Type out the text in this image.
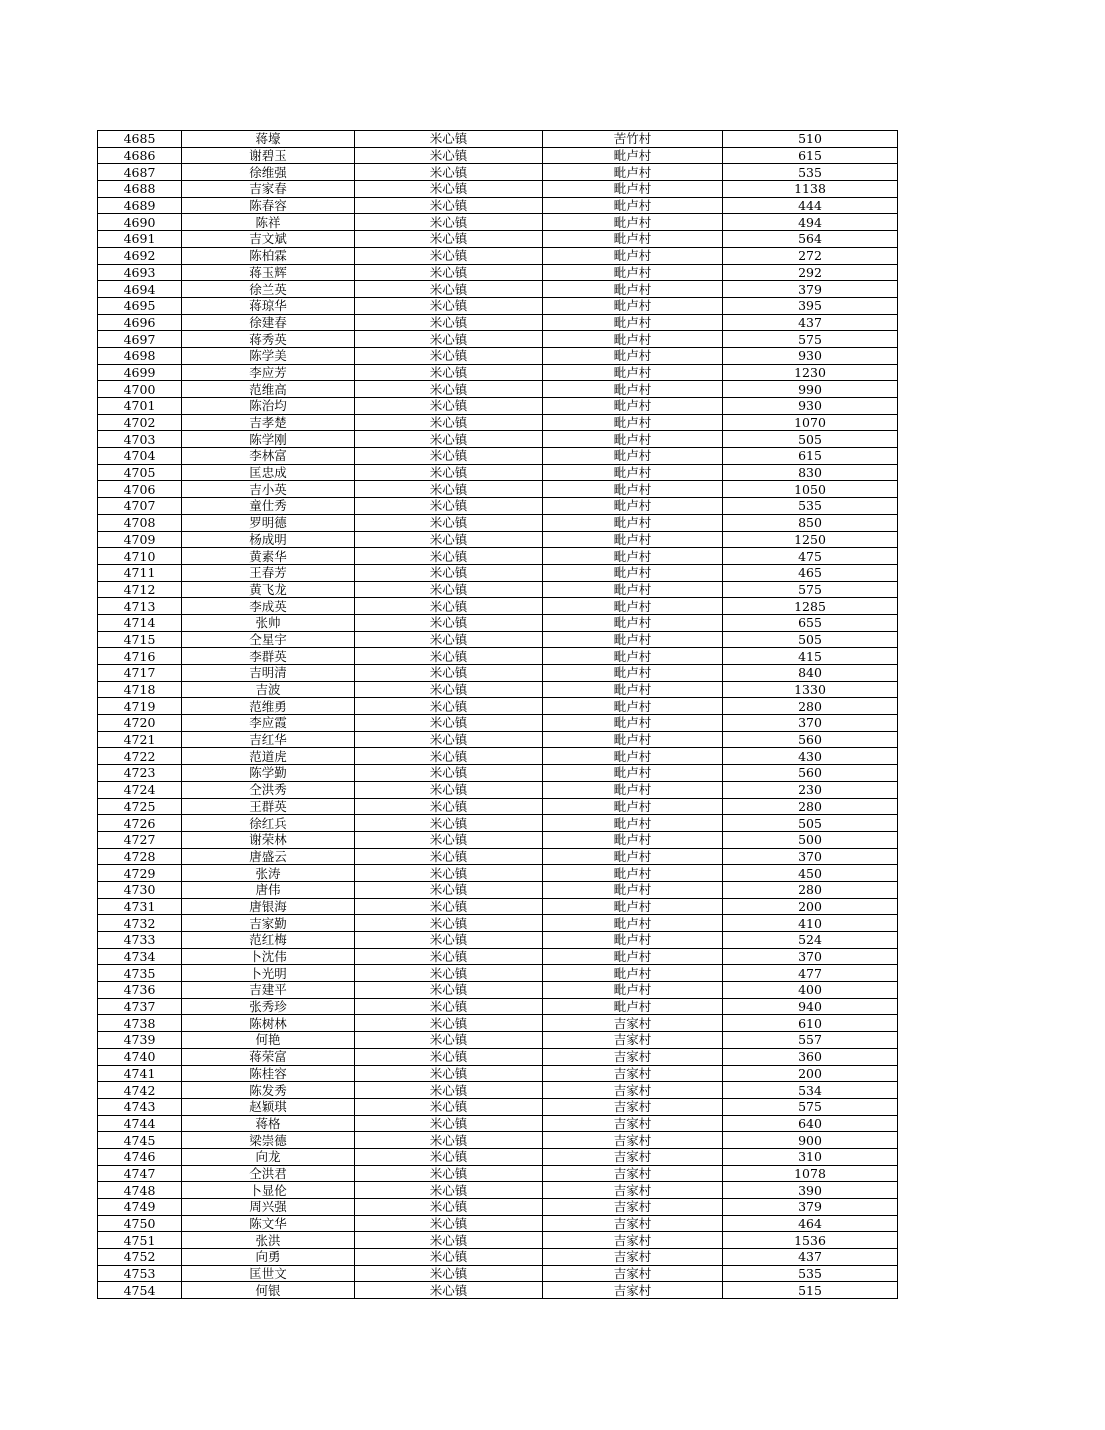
4685	蒋壕	米心镇	苦竹村	510
4686	谢碧玉	米心镇	毗卢村	615
4687	徐维强	米心镇	毗卢村	535
4688	吉家春	米心镇	毗卢村	1138
4689	陈春容	米心镇	毗卢村	444
4690	陈祥	米心镇	毗卢村	494
4691	吉文斌	米心镇	毗卢村	564
4692	陈柏霖	米心镇	毗卢村	272
4693	蒋玉辉	米心镇	毗卢村	292
4694	徐兰英	米心镇	毗卢村	379
4695	蒋琼华	米心镇	毗卢村	395
4696	徐建春	米心镇	毗卢村	437
4697	蒋秀英	米心镇	毗卢村	575
4698	陈学美	米心镇	毗卢村	930
4699	李应芳	米心镇	毗卢村	1230
4700	范维高	米心镇	毗卢村	990
4701	陈治均	米心镇	毗卢村	930
4702	吉孝楚	米心镇	毗卢村	1070
4703	陈学刚	米心镇	毗卢村	505
4704	李林富	米心镇	毗卢村	615
4705	匡忠成	米心镇	毗卢村	830
4706	吉小英	米心镇	毗卢村	1050
4707	童仕秀	米心镇	毗卢村	535
4708	罗明德	米心镇	毗卢村	850
4709	杨成明	米心镇	毗卢村	1250
4710	黄素华	米心镇	毗卢村	475
4711	王春芳	米心镇	毗卢村	465
4712	黄飞龙	米心镇	毗卢村	575
4713	李成英	米心镇	毗卢村	1285
4714	张帅	米心镇	毗卢村	655
4715	仝星宇	米心镇	毗卢村	505
4716	李群英	米心镇	毗卢村	415
4717	吉明清	米心镇	毗卢村	840
4718	吉波	米心镇	毗卢村	1330
4719	范维勇	米心镇	毗卢村	280
4720	李应霞	米心镇	毗卢村	370
4721	吉红华	米心镇	毗卢村	560
4722	范道虎	米心镇	毗卢村	430
4723	陈学勤	米心镇	毗卢村	560
4724	仝洪秀	米心镇	毗卢村	230
4725	王群英	米心镇	毗卢村	280
4726	徐红兵	米心镇	毗卢村	505
4727	谢荣林	米心镇	毗卢村	500
4728	唐盛云	米心镇	毗卢村	370
4729	张涛	米心镇	毗卢村	450
4730	唐伟	米心镇	毗卢村	280
4731	唐银海	米心镇	毗卢村	200
4732	吉家勤	米心镇	毗卢村	410
4733	范红梅	米心镇	毗卢村	524
4734	卜沈伟	米心镇	毗卢村	370
4735	卜光明	米心镇	毗卢村	477
4736	吉建平	米心镇	毗卢村	400
4737	张秀珍	米心镇	毗卢村	940
4738	陈树林	米心镇	吉家村	610
4739	何艳	米心镇	吉家村	557
4740	蒋荣富	米心镇	吉家村	360
4741	陈桂容	米心镇	吉家村	200
4742	陈发秀	米心镇	吉家村	534
4743	赵颖琪	米心镇	吉家村	575
4744	蒋格	米心镇	吉家村	640
4745	梁崇德	米心镇	吉家村	900
4746	向龙	米心镇	吉家村	310
4747	仝洪君	米心镇	吉家村	1078
4748	卜显伦	米心镇	吉家村	390
4749	周兴强	米心镇	吉家村	379
4750	陈文华	米心镇	吉家村	464
4751	张洪	米心镇	吉家村	1536
4752	向勇	米心镇	吉家村	437
4753	匡世文	米心镇	吉家村	535
4754	何银	米心镇	吉家村	515
